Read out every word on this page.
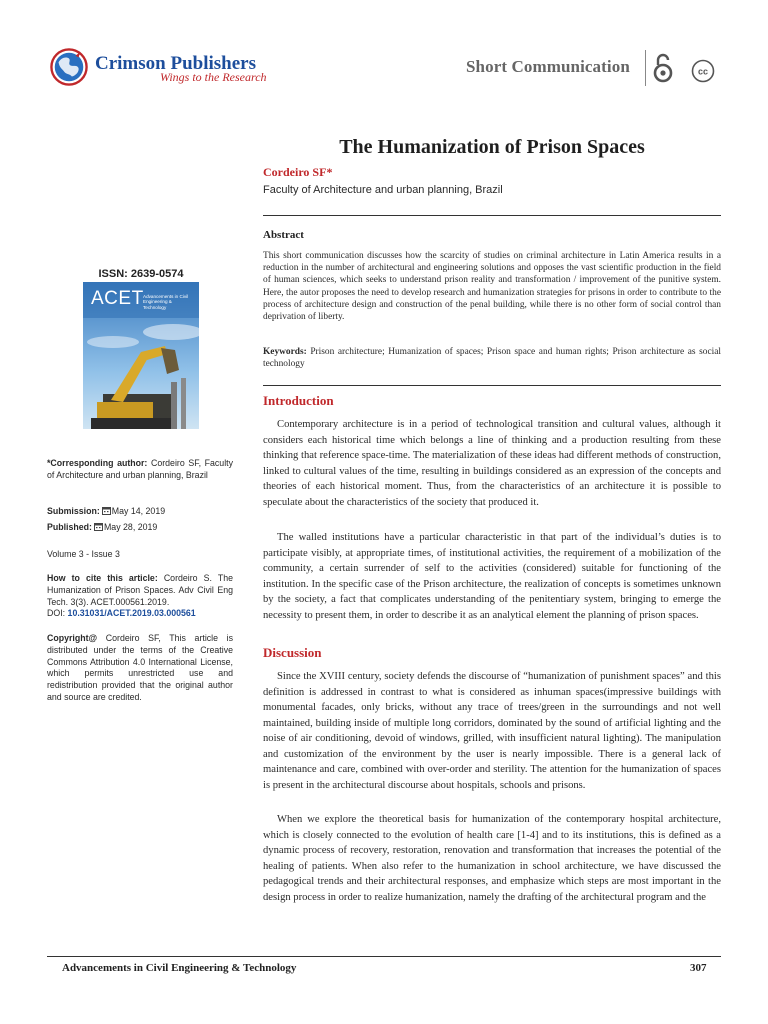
Crimson Publishers
Wings to the Research
Short Communication	cc
The Humanization of Prison Spaces
Cordeiro SF*
Faculty of Architecture and urban planning, Brazil
Abstract
This short communication discusses how the scarcity of studies on criminal architecture in Latin America results in a reduction in the number of architectural and engineering solutions and opposes the vast scientific production in the field of human sciences, which seeks to understand prison reality and transformation / improvement of the punitive system. Here, the autor proposes the need to develop research and humanization strategies for prisons in order to contribute to the process of architecture design and construction of the penal building, while there is no other form of social control than deprivation of liberty.
Keywords: Prison architecture; Humanization of spaces; Prison space and human rights; Prison architecture as social technology
Introduction

Contemporary architecture is in a period of technological transition and cultural values, although it considers each historical time which belongs a line of thinking and a production resulting from these thinking that reference space-time. The materialization of these ideas had different methods of construction, linked to cultural values of the time, resulting in buildings considered as an expression of the concepts and theories of each historical moment. Thus, from the characteristics of an architecture it is possible to speculate about the characteristics of the society that produced it.

The walled institutions have a particular characteristic in that part of the individual’s duties is to participate visibly, at appropriate times, of institutional activities, the requirement of a mobilization of the community, a certain surrender of self to the activities (considered) suitable for functioning of the institution. In the specific case of the Prison architecture, the realization of concepts is sometimes unknown by the society, a fact that complicates understanding of the penitentiary system, bringing to emerge the necessity to present them, in order to describe it as an analytical element the planning of prison spaces.

Discussion

Since the XVIII century, society defends the discourse of “humanization of punishment spaces” and this definition is addressed in contrast to what is considered as inhuman spaces(impressive buildings with monumental facades, only bricks, without any trace of trees/green in the surroundings and not well maintained, building inside of multiple long corridors, dominated by the sound of artificial lighting and the noise of air conditioning, devoid of windows, grilled, with insufficient natural lighting). The manipulation and customization of the environment by the user is nearly impossible. There is a general lack of maintenance and care, combined with over-order and sterility. The attention for the humanization of spaces is present in the architectural discourse about hospitals, schools and prisons.

When we explore the theoretical basis for humanization of the contemporary hospital architecture, which is closely connected to the evolution of health care [1-4] and to its institutions, this is defined as a dynamic process of recovery, restoration, renovation and transformation that increases the potential of the healing of patients. When also refer to the humanization in school architecture, we have discussed the pedagogical trends and their architectural responses, and emphasize which steps are most important in the design process in order to realize humanization, namely the drafting of the architectural program and the

ISSN: 2639-0574
ACET Advancements in Civil Engineering & Technology
*Corresponding author: Cordeiro SF, Faculty of Architecture and urban planning, Brazil
Submission: May 14, 2019
Published: May 28, 2019
Volume 3 - Issue 3
How to cite this article: Cordeiro S. The Humanization of Prison Spaces. Adv Civil Eng Tech. 3(3). ACET.000561.2019.
DOI: 10.31031/ACET.2019.03.000561
Copyright@ Cordeiro SF, This article is distributed under the terms of the Creative Commons Attribution 4.0 International License, which permits unrestricted use and redistribution provided that the original author and source are credited.
Advancements in Civil Engineering & Technology	307
